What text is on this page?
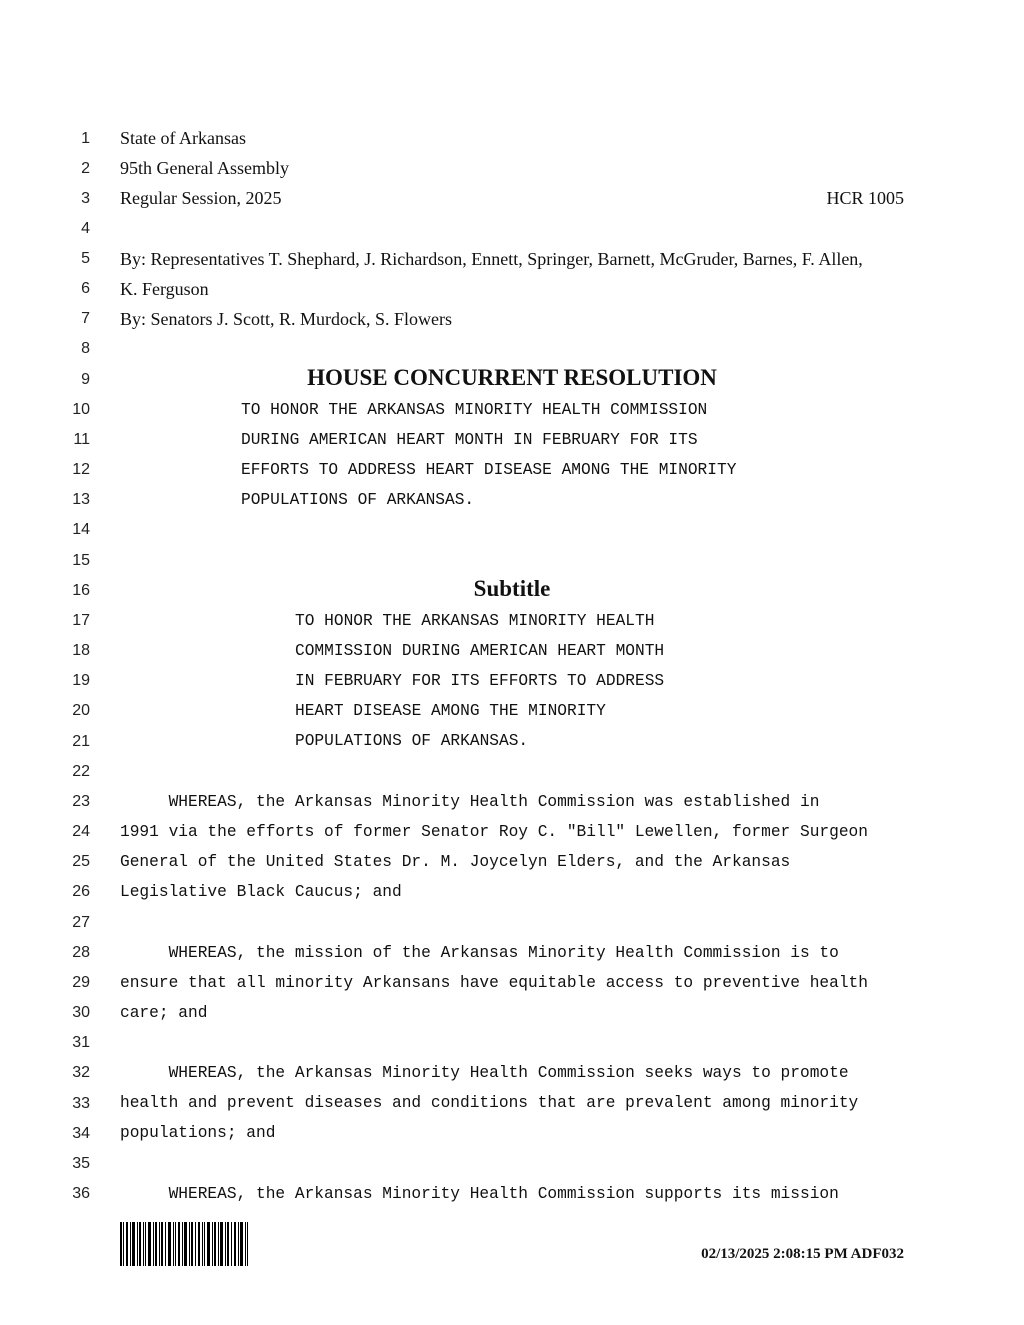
1
2
3
4
5
6
7
8
9
10
11
12
13
14
15
16
17
18
19
20
21
22
23
24
25
26
27
28
29
30
31
32
33
34
35
36
State of Arkansas
95th General Assembly
Regular Session, 2025	HCR 1005
By: Representatives T. Shephard, J. Richardson, Ennett, Springer, Barnett, McGruder, Barnes, F. Allen,
K. Ferguson
By: Senators J. Scott, R. Murdock, S. Flowers
HOUSE CONCURRENT RESOLUTION
TO HONOR THE ARKANSAS MINORITY HEALTH COMMISSION
DURING AMERICAN HEART MONTH IN FEBRUARY FOR ITS
EFFORTS TO ADDRESS HEART DISEASE AMONG THE MINORITY
POPULATIONS OF ARKANSAS.
Subtitle
TO HONOR THE ARKANSAS MINORITY HEALTH
COMMISSION DURING AMERICAN HEART MONTH
IN FEBRUARY FOR ITS EFFORTS TO ADDRESS
HEART DISEASE AMONG THE MINORITY
POPULATIONS OF ARKANSAS.
WHEREAS, the Arkansas Minority Health Commission was established in
1991 via the efforts of former Senator Roy C. "Bill" Lewellen, former Surgeon
General of the United States Dr. M. Joycelyn Elders, and the Arkansas
Legislative Black Caucus; and
WHEREAS, the mission of the Arkansas Minority Health Commission is to
ensure that all minority Arkansans have equitable access to preventive health
care; and
WHEREAS, the Arkansas Minority Health Commission seeks ways to promote
health and prevent diseases and conditions that are prevalent among minority
populations; and
WHEREAS, the Arkansas Minority Health Commission supports its mission
02/13/2025 2:08:15 PM ADF032
